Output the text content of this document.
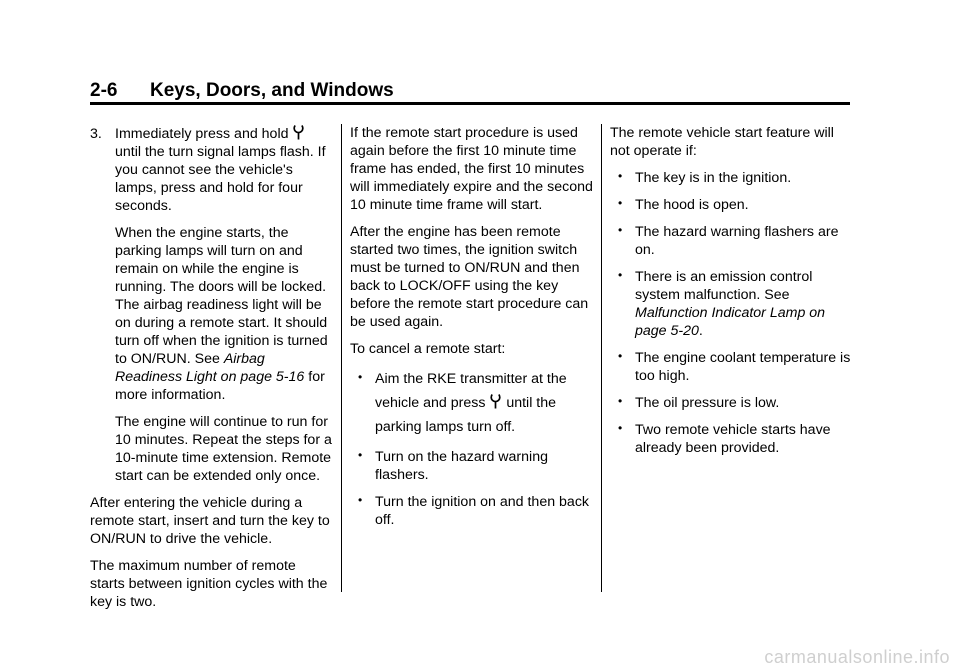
2-6 Keys, Doors, and Windows

3. Immediately press and hold  until the turn signal lamps flash. If you cannot see the vehicle's lamps, press and hold for four seconds.

When the engine starts, the parking lamps will turn on and remain on while the engine is running. The doors will be locked. The airbag readiness light will be on during a remote start. It should turn off when the ignition is turned to ON/RUN. See Airbag Readiness Light on page 5-16 for more information.

The engine will continue to run for 10 minutes. Repeat the steps for a 10-minute time extension. Remote start can be extended only once.

After entering the vehicle during a remote start, insert and turn the key to ON/RUN to drive the vehicle.

The maximum number of remote starts between ignition cycles with the key is two.

If the remote start procedure is used again before the first 10 minute time frame has ended, the first 10 minutes will immediately expire and the second 10 minute time frame will start.

After the engine has been remote started two times, the ignition switch must be turned to ON/RUN and then back to LOCK/OFF using the key before the remote start procedure can be used again.

To cancel a remote start:

• Aim the RKE transmitter at the vehicle and press until the parking lamps turn off.
• Turn on the hazard warning flashers.
• Turn the ignition on and then back off.

The remote vehicle start feature will not operate if:

• The key is in the ignition.
• The hood is open.
• The hazard warning flashers are on.
• There is an emission control system malfunction. See Malfunction Indicator Lamp on page 5-20.
• The engine coolant temperature is too high.
• The oil pressure is low.
• Two remote vehicle starts have already been provided.
carmanualsonline.info
